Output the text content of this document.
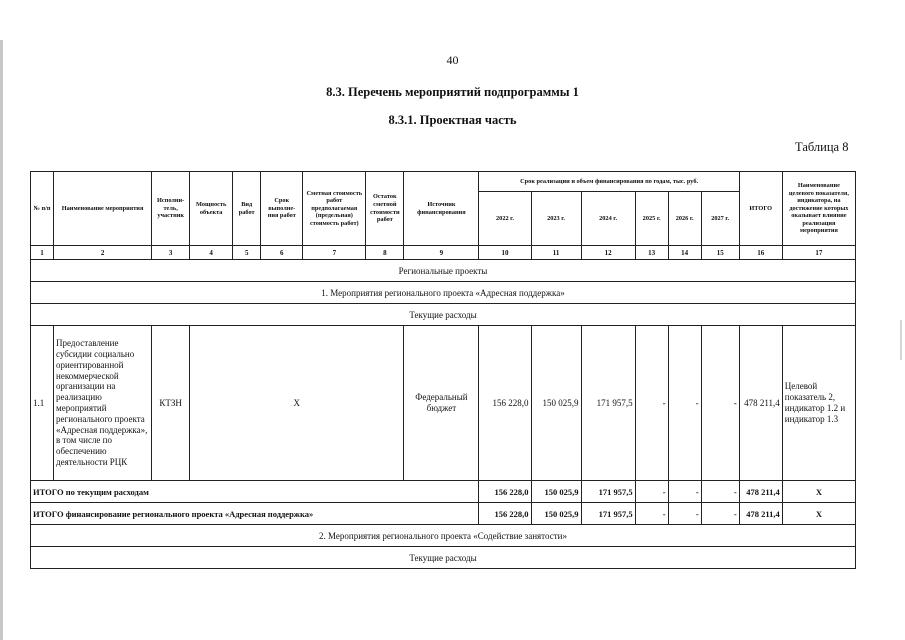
40
8.3. Перечень мероприятий подпрограммы 1
8.3.1. Проектная часть
Таблица 8
№ п/п	Наименование мероприятия	Исполни-тель, участник	Мощность объекта	Вид работ	Срок выполне-ния работ	Сметная стоимость работ предполагаемая (предельная) стоимость работ)	Остаток сметной стоимости работ	Источник финансирования	Срок реализации и объем финансирования по годам, тыс. руб.						ИТОГО	Наименование целевого показателя, индикатора, на достижение которых оказывает влияние реализация мероприятия
									2022 г.	2023 г.	2024 г.	2025 г.	2026 г.	2027 г.		
1	2	3	4	5	6	7	8	9	10	11	12	13	14	15	16	17
Региональные проекты																
1. Мероприятия регионального проекта «Адресная поддержка»																
Текущие расходы																
1.1	Предоставление субсидии социально ориентированной некоммерческой организации на реализацию мероприятий регионального проекта «Адресная поддержка», в том числе по обеспечению деятельности РЦК	КТЗН	Х					Федеральный бюджет	156 228,0	150 025,9	171 957,5	-	-	-	478 211,4	Целевой показатель 2, индикатор 1.2 и индикатор 1.3
ИТОГО по текущим расходам									156 228,0	150 025,9	171 957,5	-	-	-	478 211,4	Х
ИТОГО финансирование регионального проекта «Адресная поддержка»									156 228,0	150 025,9	171 957,5	-	-	-	478 211,4	Х
2. Мероприятия регионального проекта «Содействие занятости»																
Текущие расходы																
